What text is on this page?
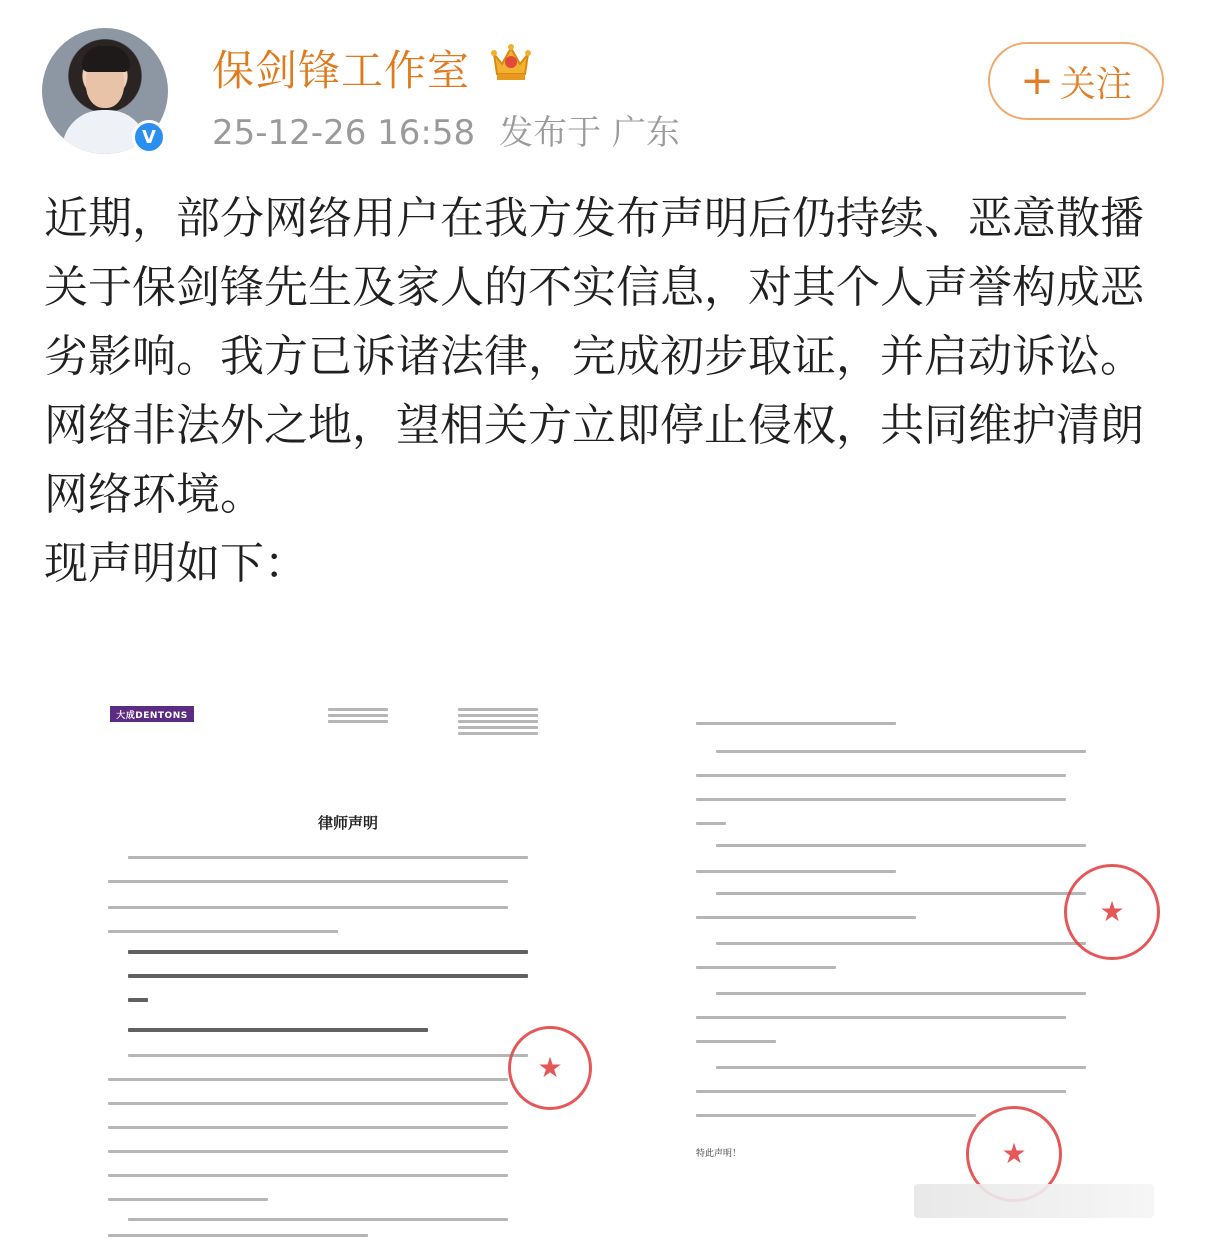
V
保剑锋工作室
25-12-26 16:58 发布于 广东
+ 关注

近期，部分网络用户在我方发布声明后仍持续、恶意散播关于保剑锋先生及家人的不实信息，对其个人声誉构成恶劣影响。我方已诉诸法律，完成初步取证，并启动诉讼。

网络非法外之地，望相关方立即停止侵权，共同维护清朗网络环境。

现声明如下：

大成DENTONS
律师声明
★
特此声明！
★
★
